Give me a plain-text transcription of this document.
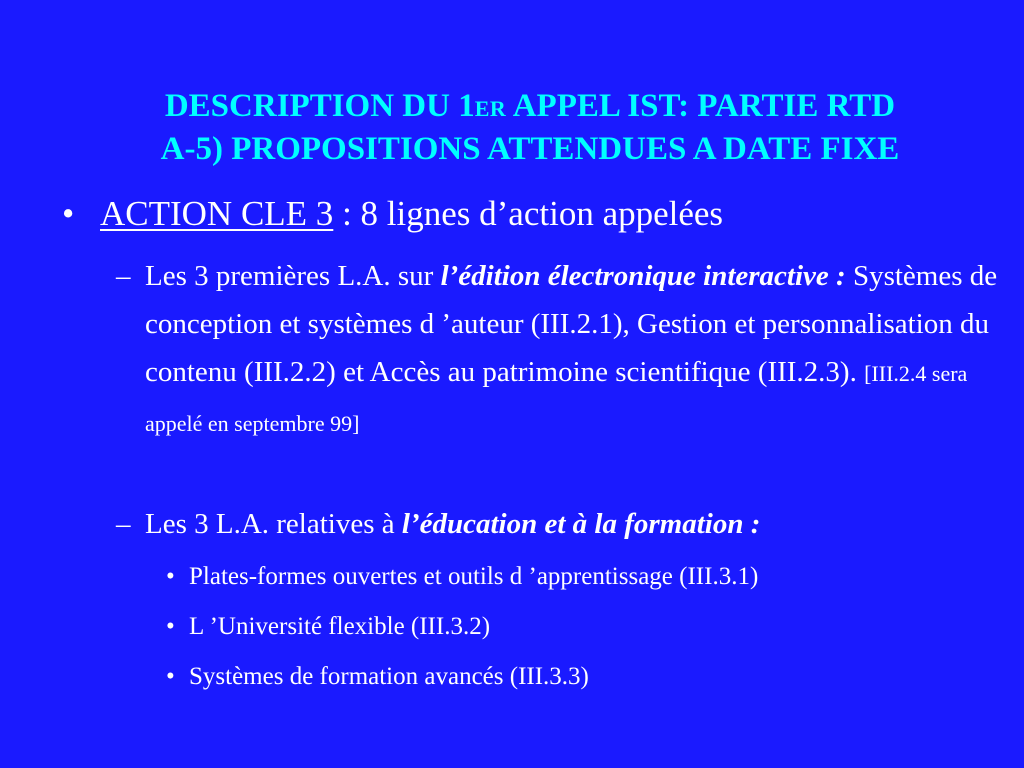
DESCRIPTION DU 1ER APPEL IST: PARTIE RTD
A-5) PROPOSITIONS ATTENDUES A DATE FIXE
• ACTION CLE 3 : 8 lignes d’action appelées
– Les 3 premières L.A. sur l’édition électronique interactive : Systèmes de conception et systèmes d ’auteur (III.2.1), Gestion et personnalisation du contenu (III.2.2) et Accès au patrimoine scientifique (III.2.3). [III.2.4 sera appelé en septembre 99]
– Les 3 L.A. relatives à l’éducation et à la formation :
• Plates-formes ouvertes et outils d ’apprentissage (III.3.1)
• L ’Université flexible (III.3.2)
• Systèmes de formation avancés (III.3.3)
